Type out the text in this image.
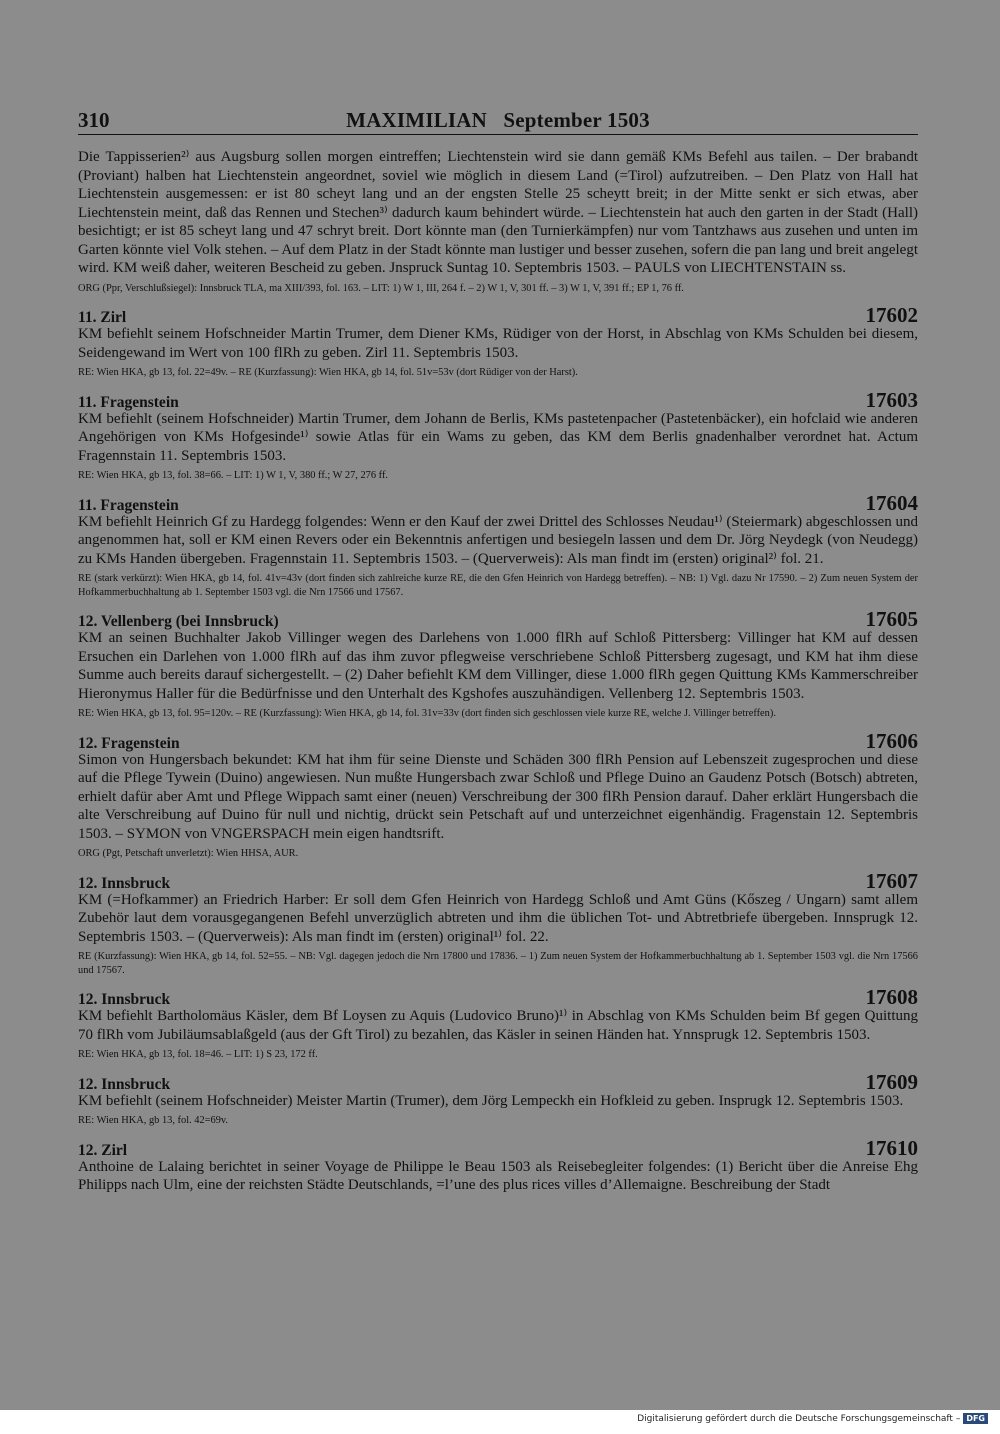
310	MAXIMILIAN   September 1503

Die Tappisserien²⁾ aus Augsburg sollen morgen eintreffen; Liechtenstein wird sie dann gemäß KMs Befehl aus tailen. – Der brabandt (Proviant) halben hat Liechtenstein angeordnet, soviel wie möglich in diesem Land (=Tirol) aufzutreiben. – Den Platz von Hall hat Liechtenstein ausgemessen: er ist 80 scheyt lang und an der engsten Stelle 25 scheytt breit; in der Mitte senkt er sich etwas, aber Liechtenstein meint, daß das Rennen und Stechen³⁾ dadurch kaum behindert würde. – Liechtenstein hat auch den garten in der Stadt (Hall) besichtigt; er ist 85 scheyt lang und 47 schryt breit. Dort könnte man (den Turnierkämpfen) nur vom Tantzhaws aus zusehen und unten im Garten könnte viel Volk stehen. – Auf dem Platz in der Stadt könnte man lustiger und besser zusehen, sofern die pan lang und breit angelegt wird. KM weiß daher, weiteren Bescheid zu geben. Jnspruck Suntag 10. Septembris 1503. – PAULS von LIECHTENSTAIN ss.

ORG (Ppr, Verschlußsiegel): Innsbruck TLA, ma XIII/393, fol. 163. – LIT: 1) W 1, III, 264 f. – 2) W 1, V, 301 ff. – 3) W 1, V, 391 ff.; EP 1, 76 ff.

11. Zirl	17602

KM befiehlt seinem Hofschneider Martin Trumer, dem Diener KMs, Rüdiger von der Horst, in Abschlag von KMs Schulden bei diesem, Seidengewand im Wert von 100 flRh zu geben. Zirl 11. Septembris 1503.

RE: Wien HKA, gb 13, fol. 22=49v. – RE (Kurzfassung): Wien HKA, gb 14, fol. 51v=53v (dort Rüdiger von der Harst).

11. Fragenstein	17603

KM befiehlt (seinem Hofschneider) Martin Trumer, dem Johann de Berlis, KMs pastetenpacher (Pastetenbäcker), ein hofclaid wie anderen Angehörigen von KMs Hofgesinde¹⁾ sowie Atlas für ein Wams zu geben, das KM dem Berlis gnadenhalber verordnet hat. Actum Fragennstain 11. Septembris 1503.

RE: Wien HKA, gb 13, fol. 38=66. – LIT: 1) W 1, V, 380 ff.; W 27, 276 ff.

11. Fragenstein	17604

KM befiehlt Heinrich Gf zu Hardegg folgendes: Wenn er den Kauf der zwei Drittel des Schlosses Neudau¹⁾ (Steiermark) abgeschlossen und angenommen hat, soll er KM einen Revers oder ein Bekenntnis anfertigen und besiegeln lassen und dem Dr. Jörg Neydegk (von Neudegg) zu KMs Handen übergeben. Fragennstain 11. Septembris 1503. – (Querverweis): Als man findt im (ersten) original²⁾ fol. 21.

RE (stark verkürzt): Wien HKA, gb 14, fol. 41v=43v (dort finden sich zahlreiche kurze RE, die den Gfen Heinrich von Hardegg betreffen). – NB: 1) Vgl. dazu Nr 17590. – 2) Zum neuen System der Hofkammerbuchhaltung ab 1. September 1503 vgl. die Nrn 17566 und 17567.

12. Vellenberg (bei Innsbruck)	17605

KM an seinen Buchhalter Jakob Villinger wegen des Darlehens von 1.000 flRh auf Schloß Pittersberg: Villinger hat KM auf dessen Ersuchen ein Darlehen von 1.000 flRh auf das ihm zuvor pflegweise verschriebene Schloß Pittersberg zugesagt, und KM hat ihm diese Summe auch bereits darauf sichergestellt. – (2) Daher befiehlt KM dem Villinger, diese 1.000 flRh gegen Quittung KMs Kammerschreiber Hieronymus Haller für die Bedürfnisse und den Unterhalt des Kgshofes auszuhändigen. Vellenberg 12. Septembris 1503.

RE: Wien HKA, gb 13, fol. 95=120v. – RE (Kurzfassung): Wien HKA, gb 14, fol. 31v=33v (dort finden sich geschlossen viele kurze RE, welche J. Villinger betreffen).

12. Fragenstein	17606

Simon von Hungersbach bekundet: KM hat ihm für seine Dienste und Schäden 300 flRh Pension auf Lebenszeit zugesprochen und diese auf die Pflege Tywein (Duino) angewiesen. Nun mußte Hungersbach zwar Schloß und Pflege Duino an Gaudenz Potsch (Botsch) abtreten, erhielt dafür aber Amt und Pflege Wippach samt einer (neuen) Verschreibung der 300 flRh Pension darauf. Daher erklärt Hungersbach die alte Verschreibung auf Duino für null und nichtig, drückt sein Petschaft auf und unterzeichnet eigenhändig. Fragenstain 12. Septembris 1503. – SYMON von VNGERSPACH mein eigen handtsrift.

ORG (Pgt, Petschaft unverletzt): Wien HHSA, AUR.

12. Innsbruck	17607

KM (=Hofkammer) an Friedrich Harber: Er soll dem Gfen Heinrich von Hardegg Schloß und Amt Güns (Kőszeg / Ungarn) samt allem Zubehör laut dem vorausgegangenen Befehl unverzüglich abtreten und ihm die üblichen Tot- und Abtretbriefe übergeben. Innsprugk 12. Septembris 1503. – (Querverweis): Als man findt im (ersten) original¹⁾ fol. 22.

RE (Kurzfassung): Wien HKA, gb 14, fol. 52=55. – NB: Vgl. dagegen jedoch die Nrn 17800 und 17836. – 1) Zum neuen System der Hofkammerbuchhaltung ab 1. September 1503 vgl. die Nrn 17566 und 17567.

12. Innsbruck	17608

KM befiehlt Bartholomäus Käsler, dem Bf Loysen zu Aquis (Ludovico Bruno)¹⁾ in Abschlag von KMs Schulden beim Bf gegen Quittung 70 flRh vom Jubiläumsablaßgeld (aus der Gft Tirol) zu bezahlen, das Käsler in seinen Händen hat. Ynnsprugk 12. Septembris 1503.

RE: Wien HKA, gb 13, fol. 18=46. – LIT: 1) S 23, 172 ff.

12. Innsbruck	17609

KM befiehlt (seinem Hofschneider) Meister Martin (Trumer), dem Jörg Lempeckh ein Hofkleid zu geben. Insprugk 12. Septembris 1503.

RE: Wien HKA, gb 13, fol. 42=69v.

12. Zirl	17610

Anthoine de Lalaing berichtet in seiner Voyage de Philippe le Beau 1503 als Reisebegleiter folgendes: (1) Bericht über die Anreise Ehg Philipps nach Ulm, eine der reichsten Städte Deutschlands, =l’une des plus rices villes d’Allemaigne. Beschreibung der Stadt

Digitalisierung gefördert durch die Deutsche Forschungsgemeinschaft – DFG
